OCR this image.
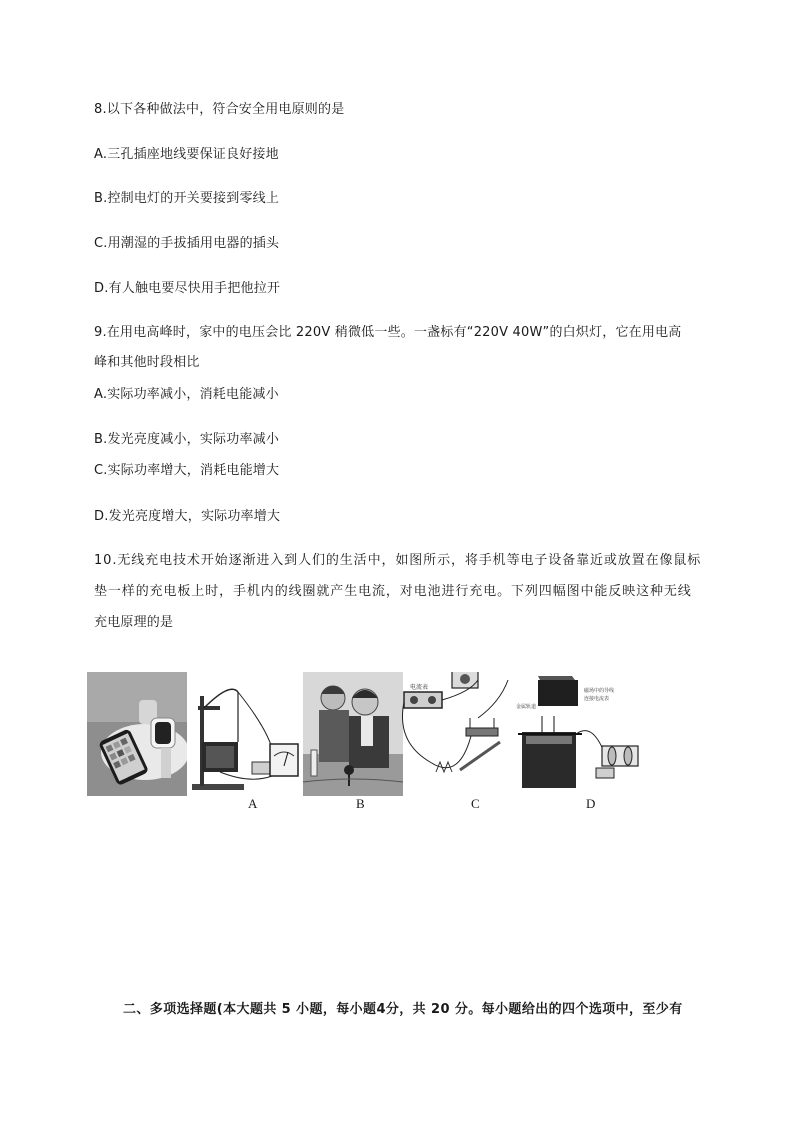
8.以下各种做法中，符合安全用电原则的是
A.三孔插座地线要保证良好接地
B.控制电灯的开关要接到零线上
C.用潮湿的手拔插用电器的插头
D.有人触电要尽快用手把他拉开
9.在用电高峰时，家中的电压会比 220V 稍微低一些。一盏标有“220V 40W”的白炽灯，它在用电高
峰和其他时段相比
A.实际功率减小，消耗电能减小
B.发光亮度减小，实际功率减小
C.实际功率增大，消耗电能增大
D.发光亮度增大，实际功率增大
10.无线充电技术开始逐渐进入到人们的生活中，如图所示，将手机等电子设备靠近或放置在像鼠标
垫一样的充电板上时，手机内的线圈就产生电流，对电池进行充电。下列四幅图中能反映这种无线
充电原理的是
电流表	磁场中的导线
连接电流表
金属轨道
A	B	C	D
二、多项选择题(本大题共 5 小题，每小题4分，共 20 分。每小题给出的四个选项中，至少有
